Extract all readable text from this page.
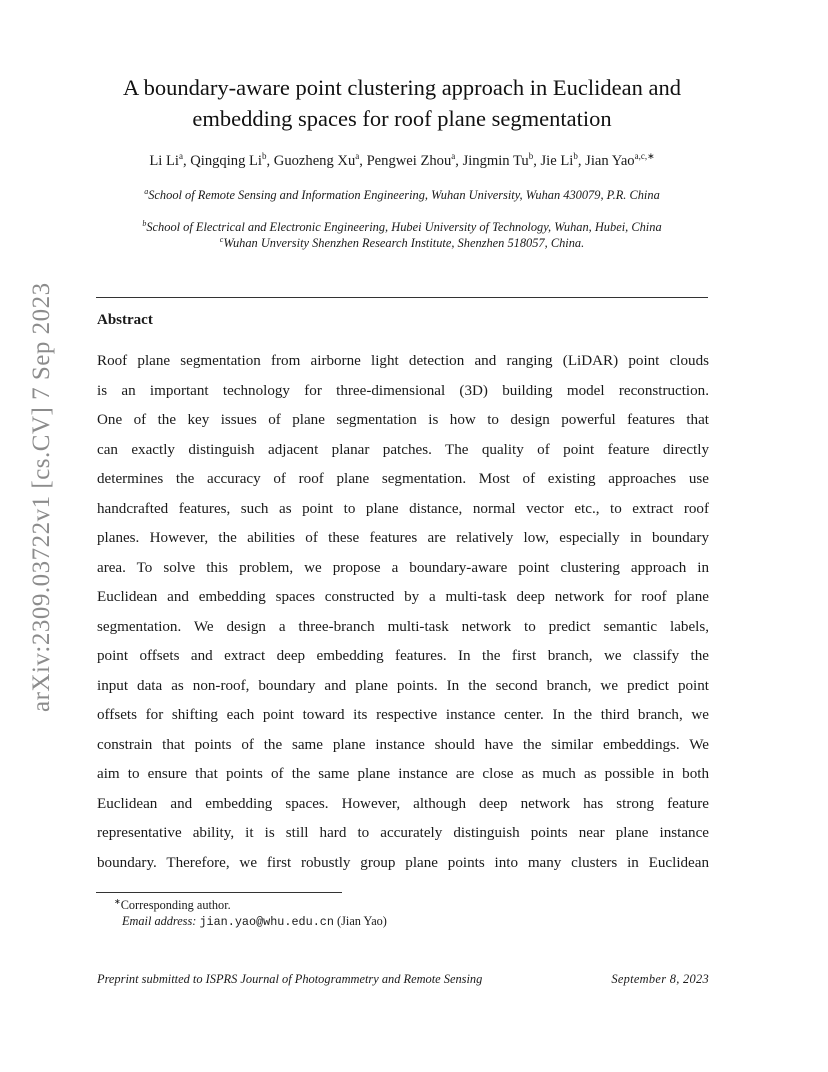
arXiv:2309.03722v1 [cs.CV] 7 Sep 2023
A boundary-aware point clustering approach in Euclidean and embedding spaces for roof plane segmentation
Li Li$^a$, Qingqing Li$^b$, Guozheng Xu$^a$, Pengwei Zhou$^a$, Jingmin Tu$^b$, Jie Li$^b$, Jian Yao$^{a,c,∗}$
$^a$School of Remote Sensing and Information Engineering, Wuhan University, Wuhan 430079, P.R. China
$^b$School of Electrical and Electronic Engineering, Hubei University of Technology, Wuhan, Hubei, China
$^c$Wuhan Unversity Shenzhen Research Institute, Shenzhen 518057, China.
Abstract
Roof plane segmentation from airborne light detection and ranging (LiDAR) point clouds
is an important technology for three-dimensional (3D) building model reconstruction.
One of the key issues of plane segmentation is how to design powerful features that
can exactly distinguish adjacent planar patches. The quality of point feature directly
determines the accuracy of roof plane segmentation. Most of existing approaches use
handcrafted features, such as point to plane distance, normal vector etc., to extract roof
planes. However, the abilities of these features are relatively low, especially in boundary
area. To solve this problem, we propose a boundary-aware point clustering approach in
Euclidean and embedding spaces constructed by a multi-task deep network for roof plane
segmentation. We design a three-branch multi-task network to predict semantic labels,
point offsets and extract deep embedding features. In the first branch, we classify the
input data as non-roof, boundary and plane points. In the second branch, we predict point
offsets for shifting each point toward its respective instance center. In the third branch, we
constrain that points of the same plane instance should have the similar embeddings. We
aim to ensure that points of the same plane instance are close as much as possible in both
Euclidean and embedding spaces. However, although deep network has strong feature
representative ability, it is still hard to accurately distinguish points near plane instance
boundary. Therefore, we first robustly group plane points into many clusters in Euclidean
∗Corresponding author.
Email address: jian.yao@whu.edu.cn (Jian Yao)
Preprint submitted to ISPRS Journal of Photogrammetry and Remote Sensing	September 8, 2023
